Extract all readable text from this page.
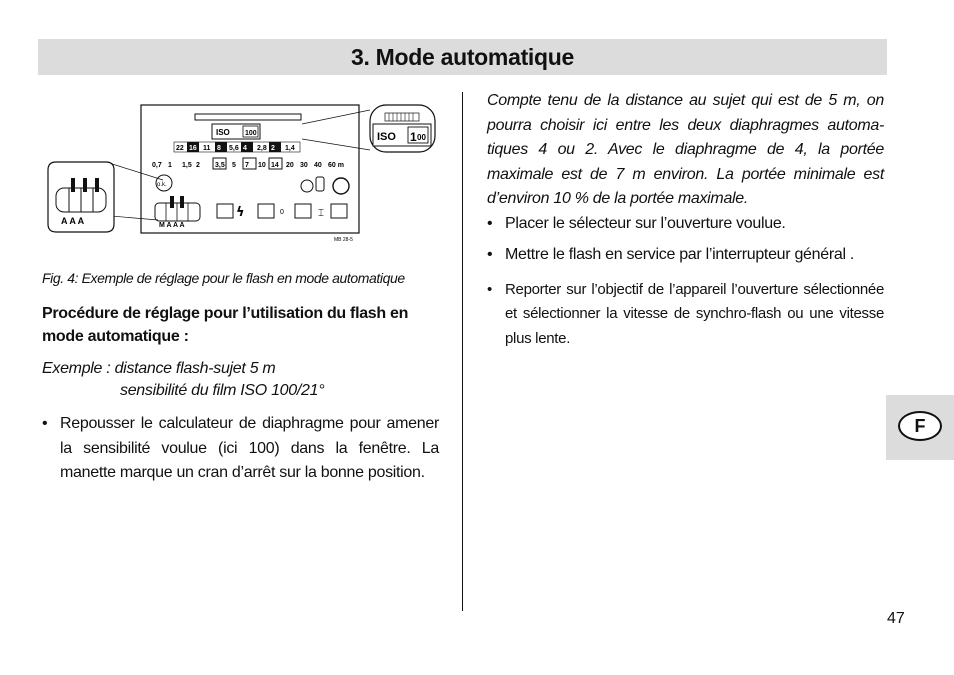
3. Mode automatique
ISO 100
22 16 11 8 5,6 4 2,8 2 1,4
0,7 1 1,5 2 3,5 5 7 10 14 20 30 40 60 m
o.k.
M A A A
ϟ	0	⌶
MB 28-5
ISO 1 00
A A A
Fig. 4: Exemple de réglage pour le flash en mode automatique
Procédure de réglage pour l’utilisation du flash en mode automatique :
Exemple : distance flash-sujet 5 m
sensibilité du film ISO 100/21°
• Repousser le calculateur de diaphragme pour amener la sensibilité voulue (ici 100) dans la fenêtre. La manette marque un cran d’arrêt sur la bonne position.
Compte tenu de la distance au sujet qui est de 5 m, on pourra choisir ici entre les deux diaphragmes automa-tiques 4 ou 2. Avec le diaphragme de 4, la portée maximale est de 7 m environ. La portée minimale est d’environ 10 % de la portée maximale.
• Placer le sélecteur sur l’ouverture voulue.
• Mettre le flash en service par l’interrupteur général .
• Reporter sur l’objectif de l’appareil l’ouverture sélectionnée et sélectionner la vitesse de synchro-flash ou une vitesse plus lente.
F
47
